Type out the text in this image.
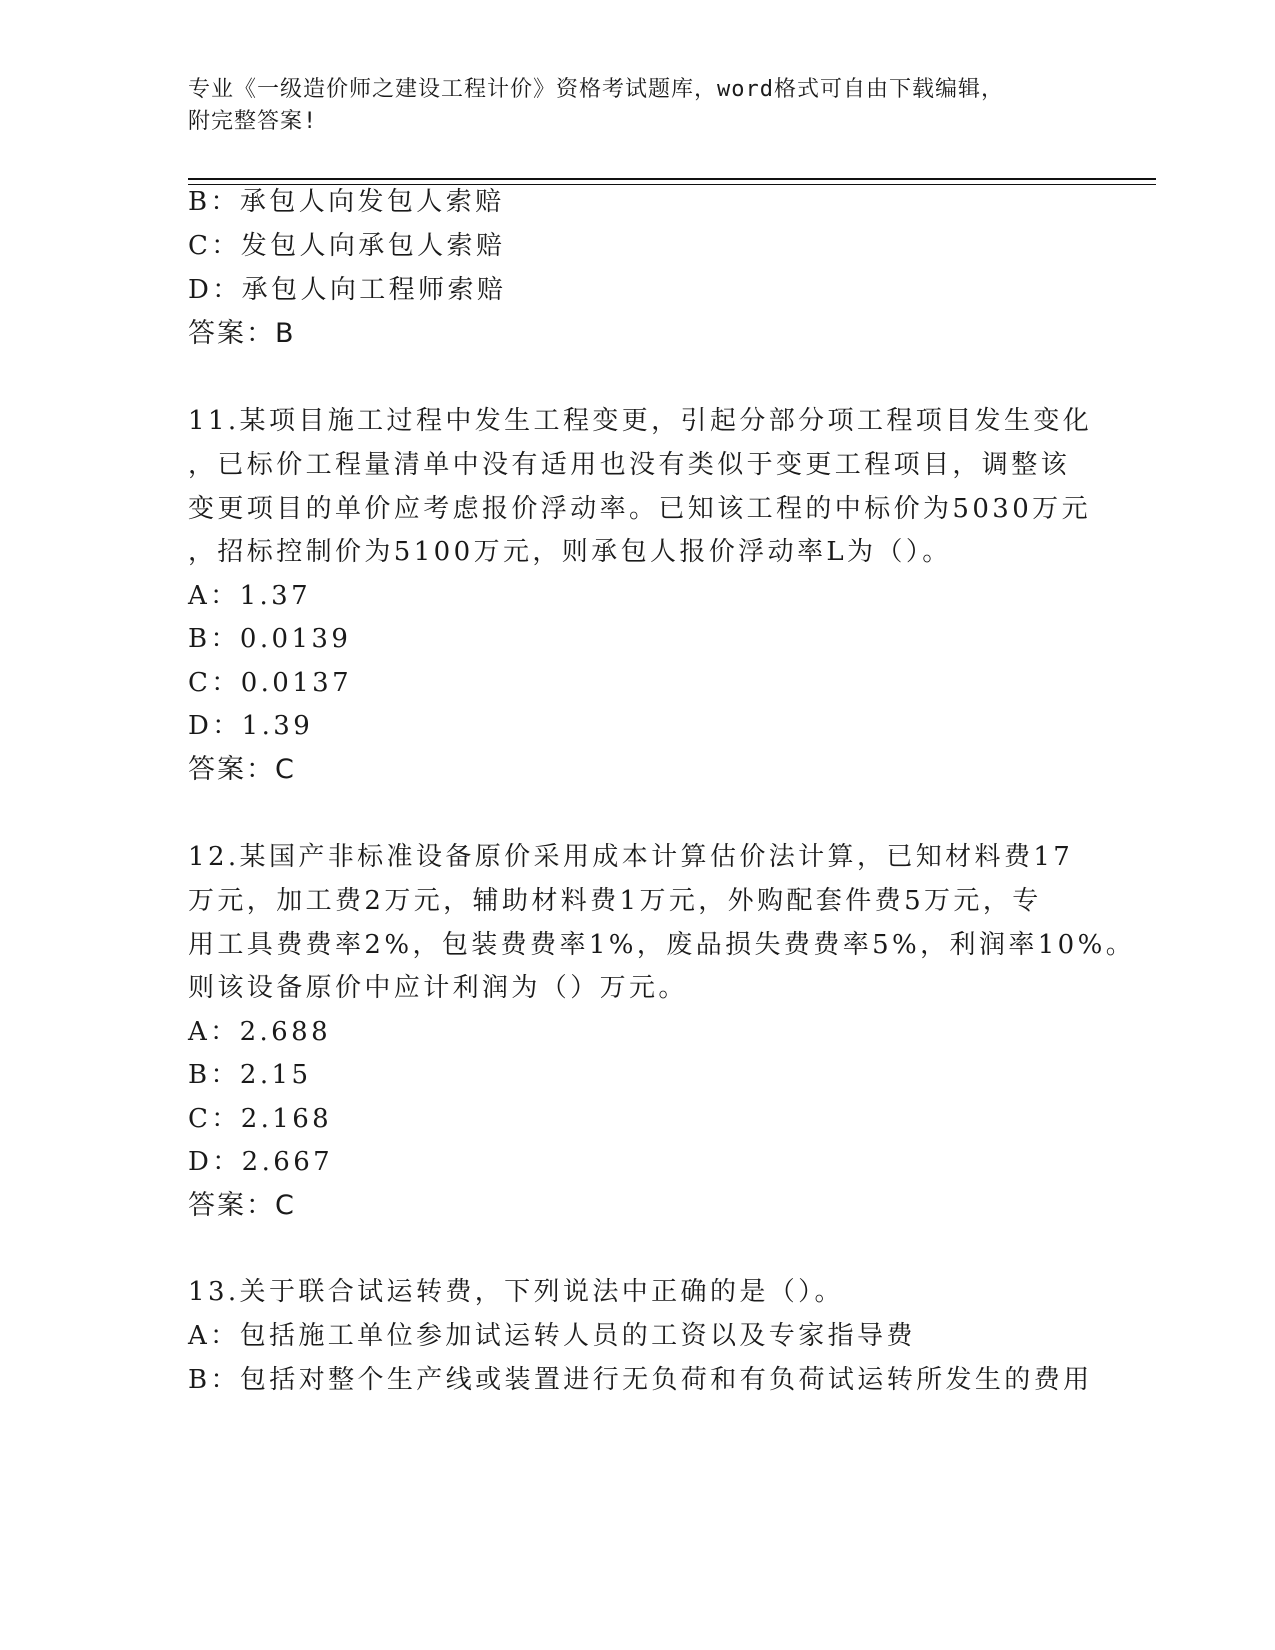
专业《一级造价师之建设工程计价》资格考试题库，word格式可自由下载编辑，
附完整答案!
B：承包人向发包人索赔
C：发包人向承包人索赔
D：承包人向工程师索赔
答案：B
11.某项目施工过程中发生工程变更，引起分部分项工程项目发生变化
，已标价工程量清单中没有适用也没有类似于变更工程项目，调整该
变更项目的单价应考虑报价浮动率。已知该工程的中标价为5030万元
，招标控制价为5100万元，则承包人报价浮动率L为（）。
A：1.37
B：0.0139
C：0.0137
D：1.39
答案：C
12.某国产非标准设备原价采用成本计算估价法计算，已知材料费17
万元，加工费2万元，辅助材料费1万元，外购配套件费5万元，专
用工具费费率2%，包装费费率1%，废品损失费费率5%，利润率10%。
则该设备原价中应计利润为（）万元。
A：2.688
B：2.15
C：2.168
D：2.667
答案：C
13.关于联合试运转费，下列说法中正确的是（）。
A：包括施工单位参加试运转人员的工资以及专家指导费
B：包括对整个生产线或装置进行无负荷和有负荷试运转所发生的费用
